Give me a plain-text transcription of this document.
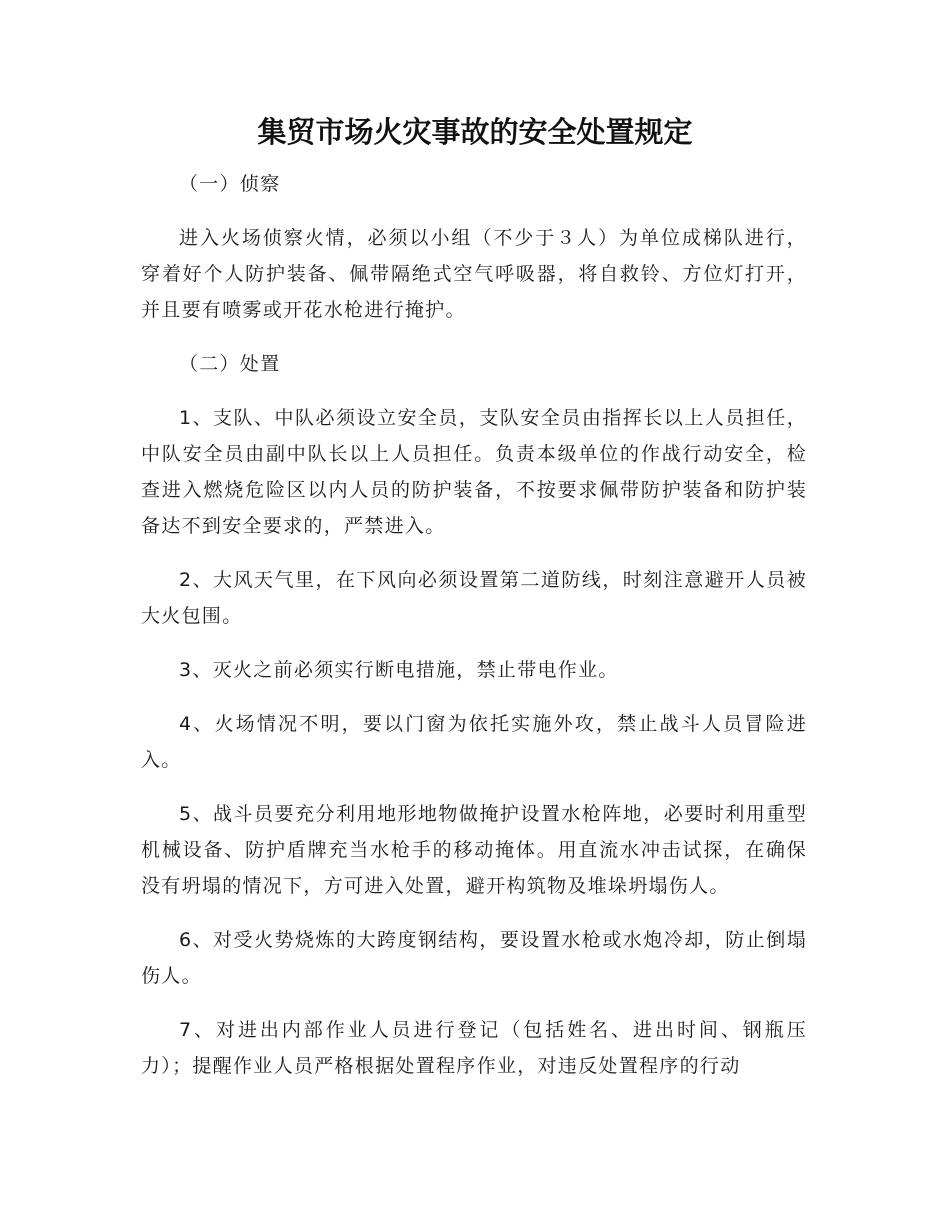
集贸市场火灾事故的安全处置规定

（一）侦察

进入火场侦察火情，必须以小组（不少于３人）为单位成梯队进行，穿着好个人防护装备、佩带隔绝式空气呼吸器，将自救铃、方位灯打开，并且要有喷雾或开花水枪进行掩护。

（二）处置

1、支队、中队必须设立安全员，支队安全员由指挥长以上人员担任，中队安全员由副中队长以上人员担任。负责本级单位的作战行动安全，检查进入燃烧危险区以内人员的防护装备，不按要求佩带防护装备和防护装备达不到安全要求的，严禁进入。

2、大风天气里，在下风向必须设置第二道防线，时刻注意避开人员被大火包围。

3、灭火之前必须实行断电措施，禁止带电作业。

4、火场情况不明，要以门窗为依托实施外攻，禁止战斗人员冒险进入。

5、战斗员要充分利用地形地物做掩护设置水枪阵地，必要时利用重型机械设备、防护盾牌充当水枪手的移动掩体。用直流水冲击试探，在确保没有坍塌的情况下，方可进入处置，避开构筑物及堆垛坍塌伤人。

6、对受火势烧炼的大跨度钢结构，要设置水枪或水炮冷却，防止倒塌伤人。

7、对进出内部作业人员进行登记（包括姓名、进出时间、钢瓶压力）；提醒作业人员严格根据处置程序作业，对违反处置程序的行动
